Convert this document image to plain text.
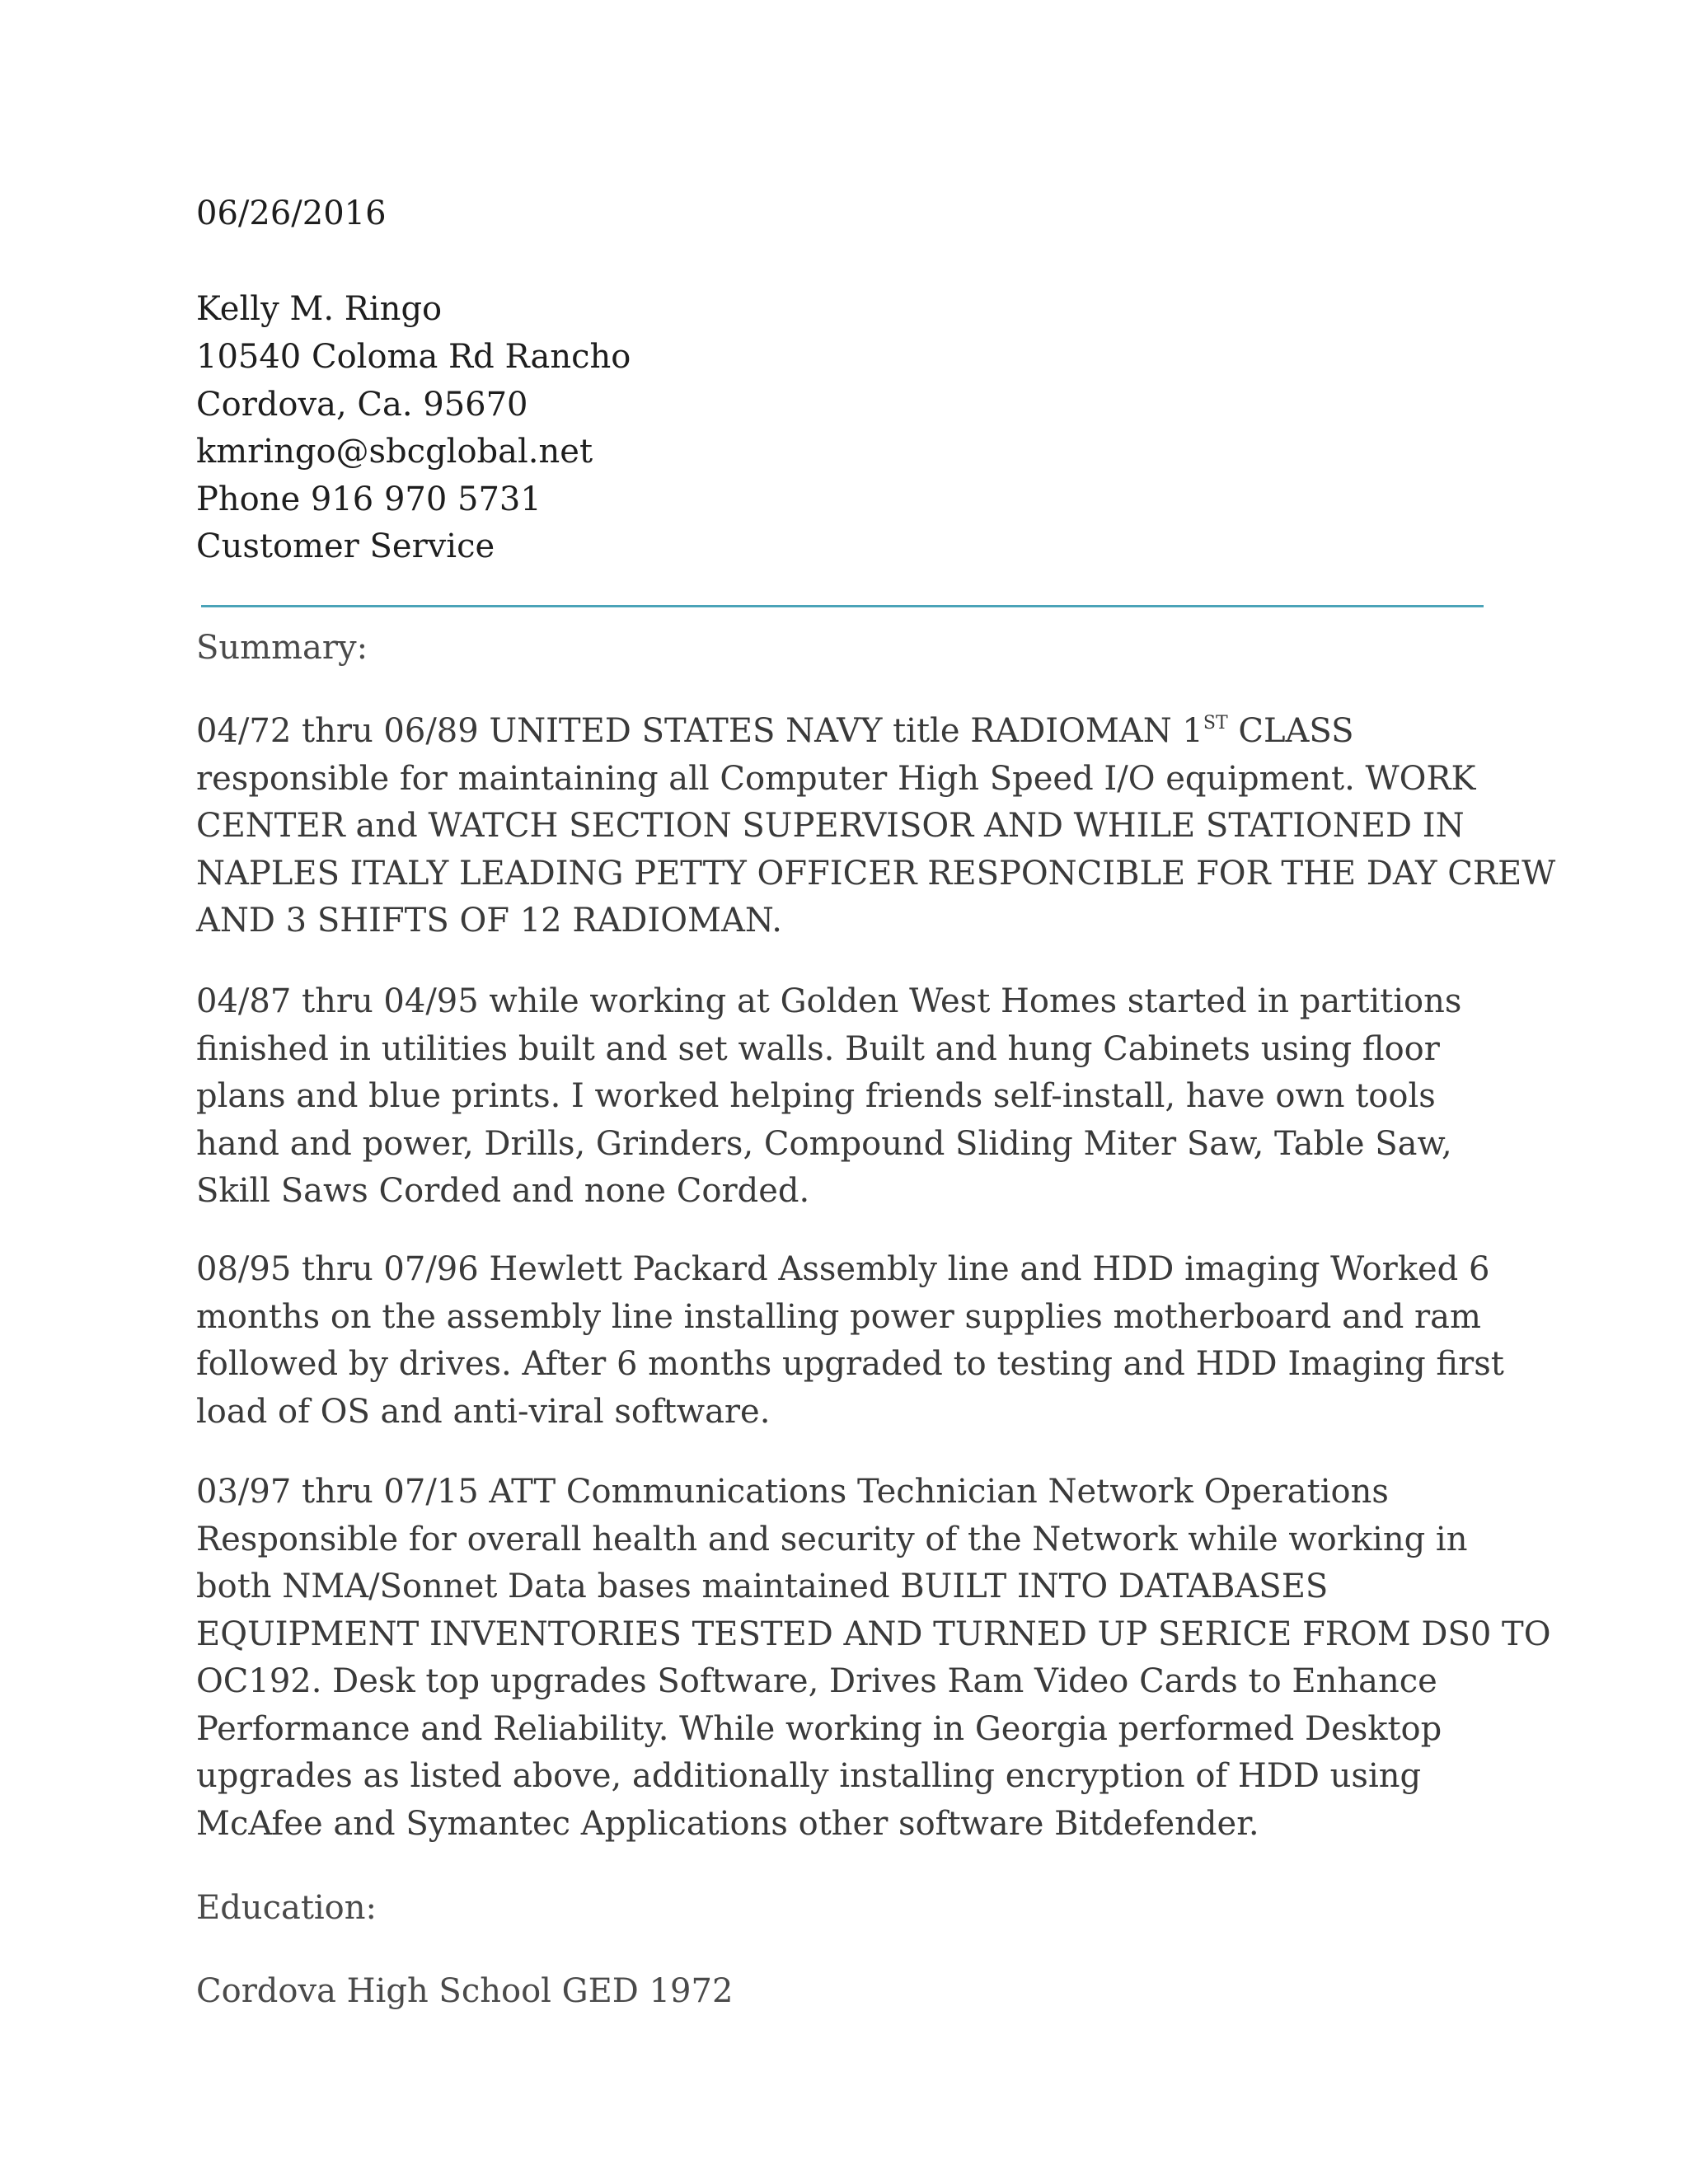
06/26/2016
Kelly M. Ringo
10540 Coloma Rd Rancho
Cordova, Ca. 95670
kmringo@sbcglobal.net
Phone 916 970 5731
Customer Service
Summary:
04/72 thru 06/89 UNITED STATES NAVY title RADIOMAN 1ST CLASS
responsible for maintaining all Computer High Speed I/O equipment. WORK
CENTER and WATCH SECTION SUPERVISOR AND WHILE STATIONED IN
NAPLES ITALY LEADING PETTY OFFICER RESPONCIBLE FOR THE DAY CREW
AND 3 SHIFTS OF 12 RADIOMAN.
04/87 thru 04/95 while working at Golden West Homes started in partitions
finished in utilities built and set walls. Built and hung Cabinets using floor
plans and blue prints. I worked helping friends self-install, have own tools
hand and power, Drills, Grinders, Compound Sliding Miter Saw, Table Saw,
Skill Saws Corded and none Corded.
08/95 thru 07/96 Hewlett Packard Assembly line and HDD imaging Worked 6
months on the assembly line installing power supplies motherboard and ram
followed by drives. After 6 months upgraded to testing and HDD Imaging first
load of OS and anti-viral software.
03/97 thru 07/15 ATT Communications Technician Network Operations
Responsible for overall health and security of the Network while working in
both NMA/Sonnet Data bases maintained BUILT INTO DATABASES
EQUIPMENT INVENTORIES TESTED AND TURNED UP SERICE FROM DS0 TO
OC192. Desk top upgrades Software, Drives Ram Video Cards to Enhance
Performance and Reliability. While working in Georgia performed Desktop
upgrades as listed above, additionally installing encryption of HDD using
McAfee and Symantec Applications other software Bitdefender.
Education:
Cordova High School GED 1972
